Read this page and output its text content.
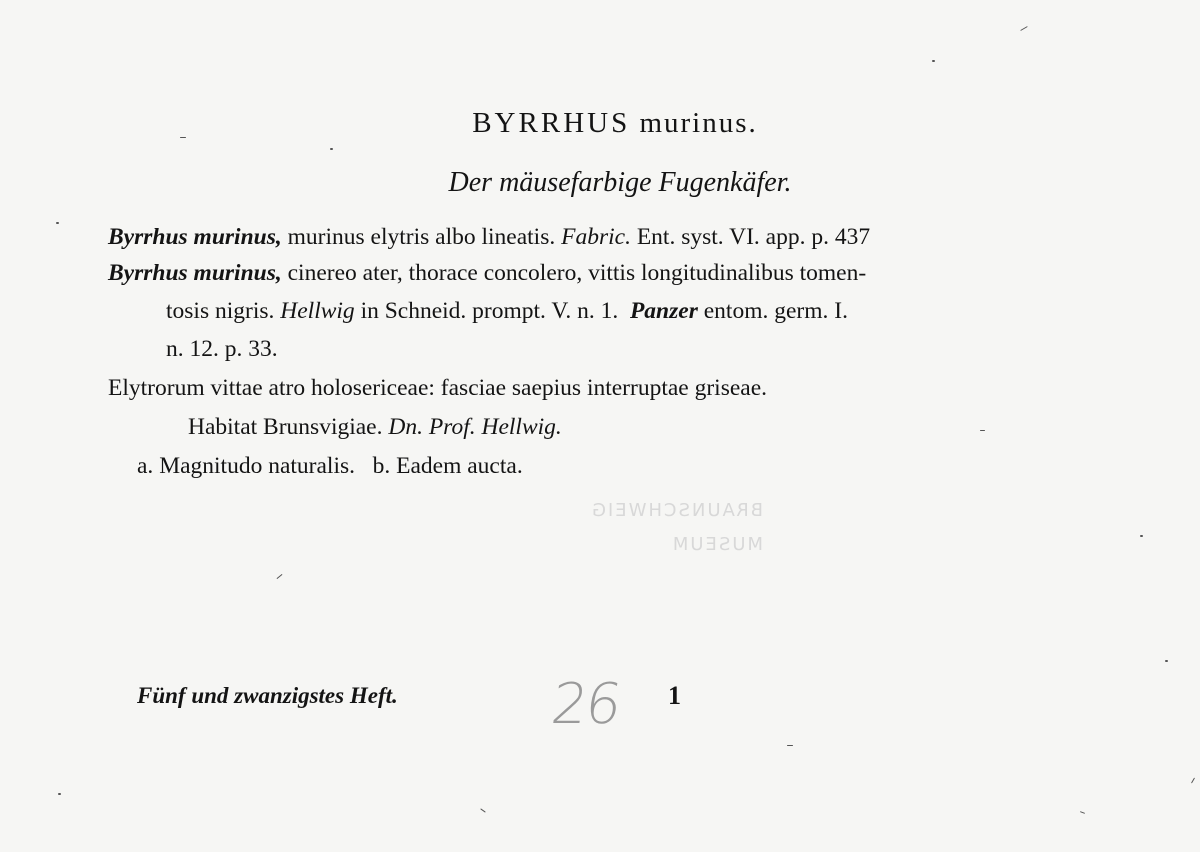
BYRRHUS murinus.
Der mäusefarbige Fugenkäfer.
Byrrhus murinus, murinus elytris albo lineatis. Fabric. Ent. syst. VI. app. p. 437
Byrrhus murinus, cinereo ater, thorace concolero, vittis longitudinalibus tomen-
tosis nigris. Hellwig in Schneid. prompt. V. n. 1. Panzer entom. germ. I.
n. 12. p. 33.
Elytrorum vittae atro holosericeae: fasciae saepius interruptae griseae.
Habitat Brunsvigiae. Dn. Prof. Hellwig.
a. Magnitudo naturalis. b. Eadem aucta.
BRAUNSCHWEIG
MUSEUM
Fünf und zwanzigstes Heft.	26 1
